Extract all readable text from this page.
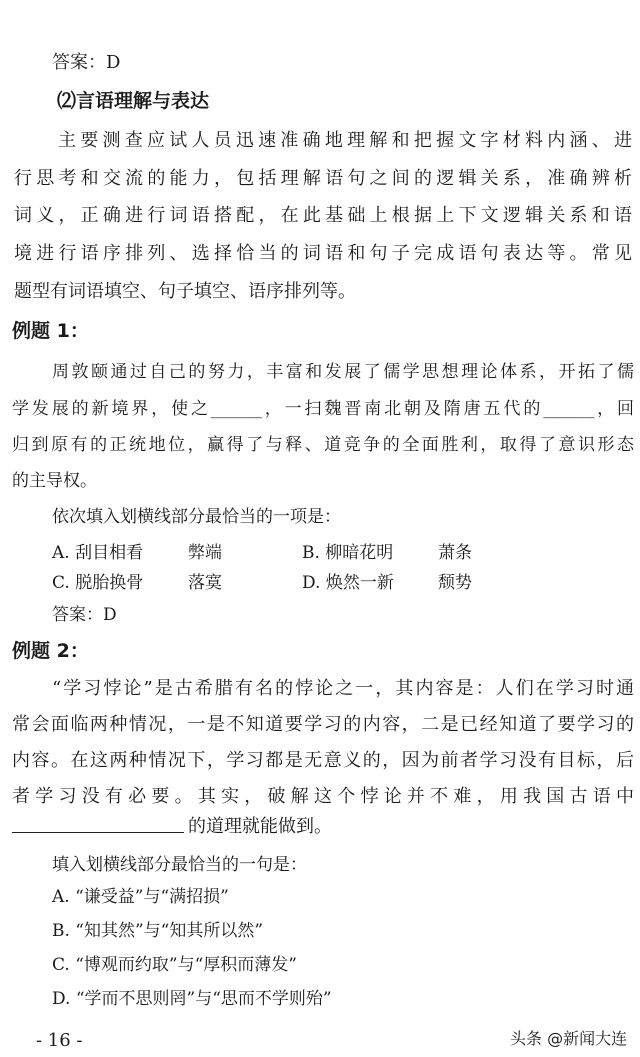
答案：D
⑵言语理解与表达
主要测查应试人员迅速准确地理解和把握文字材料内涵、进
行思考和交流的能力，包括理解语句之间的逻辑关系，准确辨析
词义，正确进行词语搭配，在此基础上根据上下文逻辑关系和语
境进行语序排列、选择恰当的词语和句子完成语句表达等。常见
题型有词语填空、句子填空、语序排列等。
例题 1：
周敦颐通过自己的努力，丰富和发展了儒学思想理论体系，开拓了儒
学发展的新境界，使之______，一扫魏晋南北朝及隋唐五代的______，回
归到原有的正统地位，赢得了与释、道竞争的全面胜利，取得了意识形态
的主导权。
依次填入划横线部分最恰当的一项是：
A. 刮目相看	弊端	B. 柳暗花明	萧条
C. 脱胎换骨	落寞	D. 焕然一新	颓势
答案：D
例题 2：
“学习悖论”是古希腊有名的悖论之一，其内容是：人们在学习时通
常会面临两种情况，一是不知道要学习的内容，二是已经知道了要学习的
内容。在这两种情况下，学习都是无意义的，因为前者学习没有目标，后
者学习没有必要。其实，破解这个悖论并不难，用我国古语中
的道理就能做到。
填入划横线部分最恰当的一句是：
A. “谦受益”与“满招损”
B. “知其然”与“知其所以然”
C. “博观而约取”与“厚积而薄发”
D. “学而不思则罔”与“思而不学则殆”
- 16 -	头条 @新闻大连
